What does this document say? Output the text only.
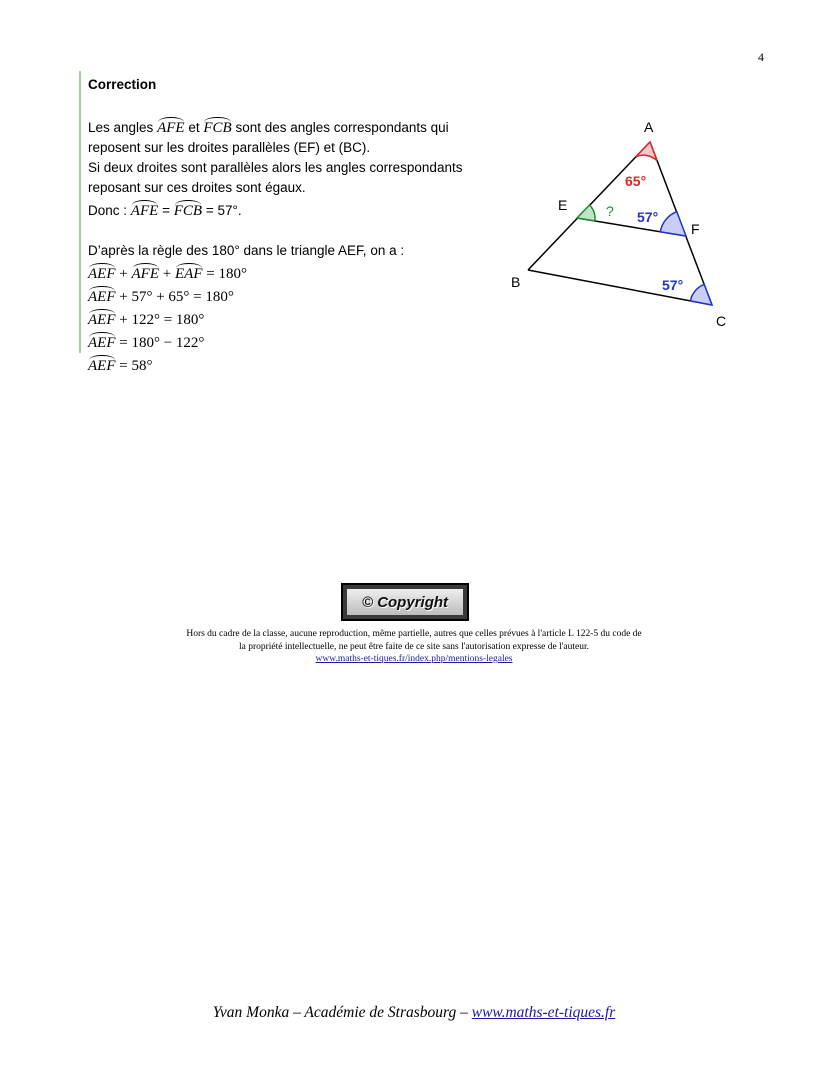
4
Correction
Les angles AFE et FCB sont des angles correspondants qui
reposent sur les droites parallèles (EF) et (BC).
Si deux droites sont parallèles alors les angles correspondants
reposant sur ces droites sont égaux.
Donc : AFE = FCB = 57°.
D’après la règle des 180° dans le triangle AEF, on a :
AEF + AFE + EAF = 180°
AEF + 57° + 65° = 180°
AEF + 122° = 180°
AEF = 180° − 122°
AEF = 58°
A
B
C
E
F
65°
57°
57°
?
© Copyright
Hors du cadre de la classe, aucune reproduction, même partielle, autres que celles prévues à l'article L 122-5 du code de
la propriété intellectuelle, ne peut être faite de ce site sans l'autorisation expresse de l'auteur.
www.maths-et-tiques.fr/index.php/mentions-legales
Yvan Monka – Académie de Strasbourg – www.maths-et-tiques.fr
